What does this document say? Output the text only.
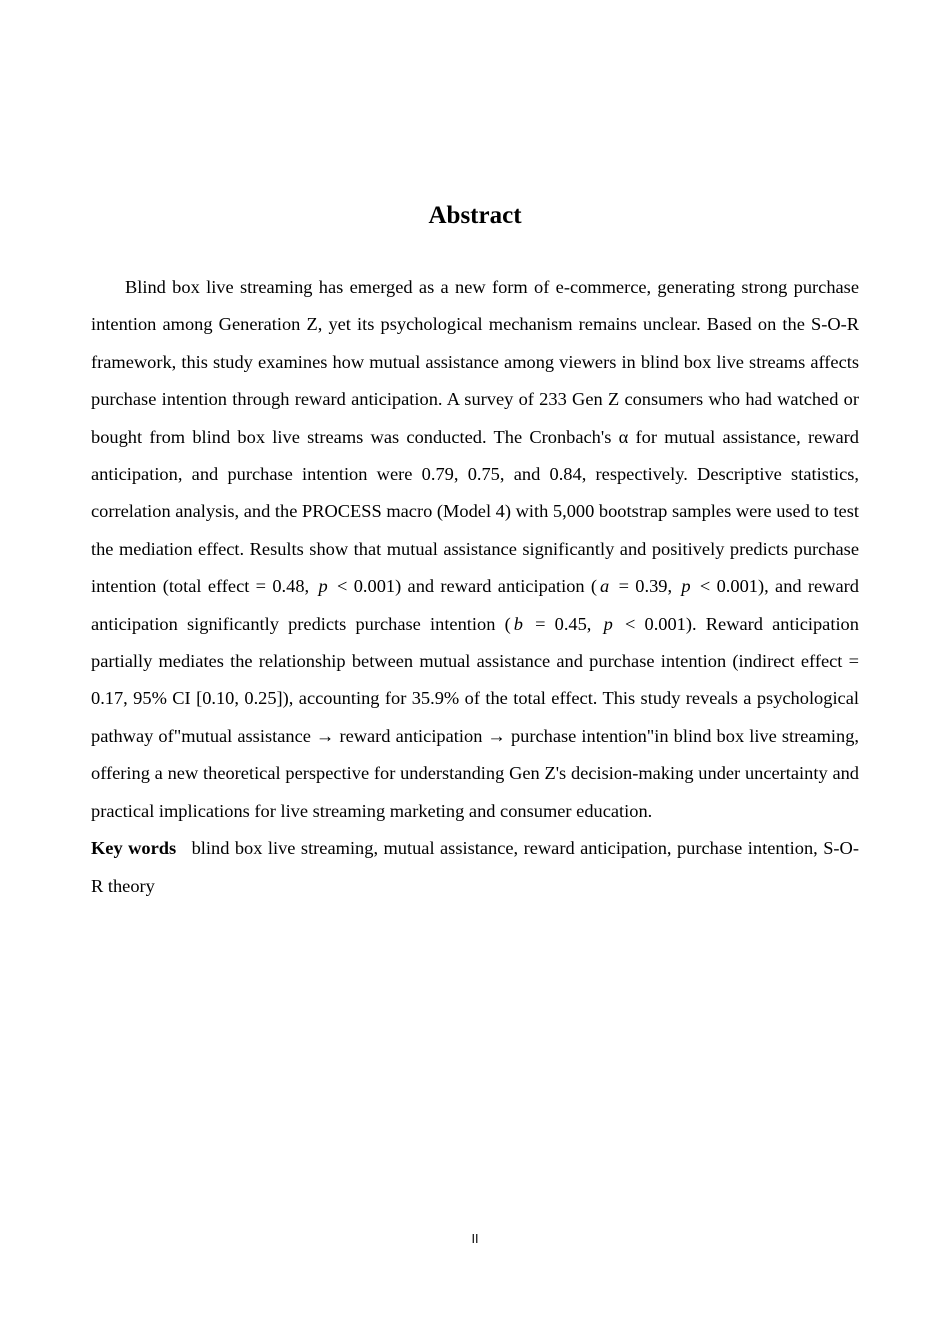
Abstract

Blind box live streaming has emerged as a new form of e-commerce, generating strong purchase intention among Generation Z, yet its psychological mechanism remains unclear. Based on the S-O-R framework, this study examines how mutual assistance among viewers in blind box live streams affects purchase intention through reward anticipation. A survey of 233 Gen Z consumers who had watched or bought from blind box live streams was conducted. The Cronbach's α for mutual assistance, reward anticipation, and purchase intention were 0.79, 0.75, and 0.84, respectively. Descriptive statistics, correlation analysis, and the PROCESS macro (Model 4) with 5,000 bootstrap samples were used to test the mediation effect. Results show that mutual assistance significantly and positively predicts purchase intention (total effect = 0.48, p < 0.001) and reward anticipation ( a = 0.39, p < 0.001), and reward anticipation significantly predicts purchase intention ( b = 0.45, p < 0.001). Reward anticipation partially mediates the relationship between mutual assistance and purchase intention (indirect effect = 0.17, 95% CI [0.10, 0.25]), accounting for 35.9% of the total effect. This study reveals a psychological pathway of"mutual assistance → reward anticipation → purchase intention"in blind box live streaming, offering a new theoretical perspective for understanding Gen Z's decision-making under uncertainty and practical implications for live streaming marketing and consumer education.

Key words blind box live streaming, mutual assistance, reward anticipation, purchase intention, S-O-R theory

II
